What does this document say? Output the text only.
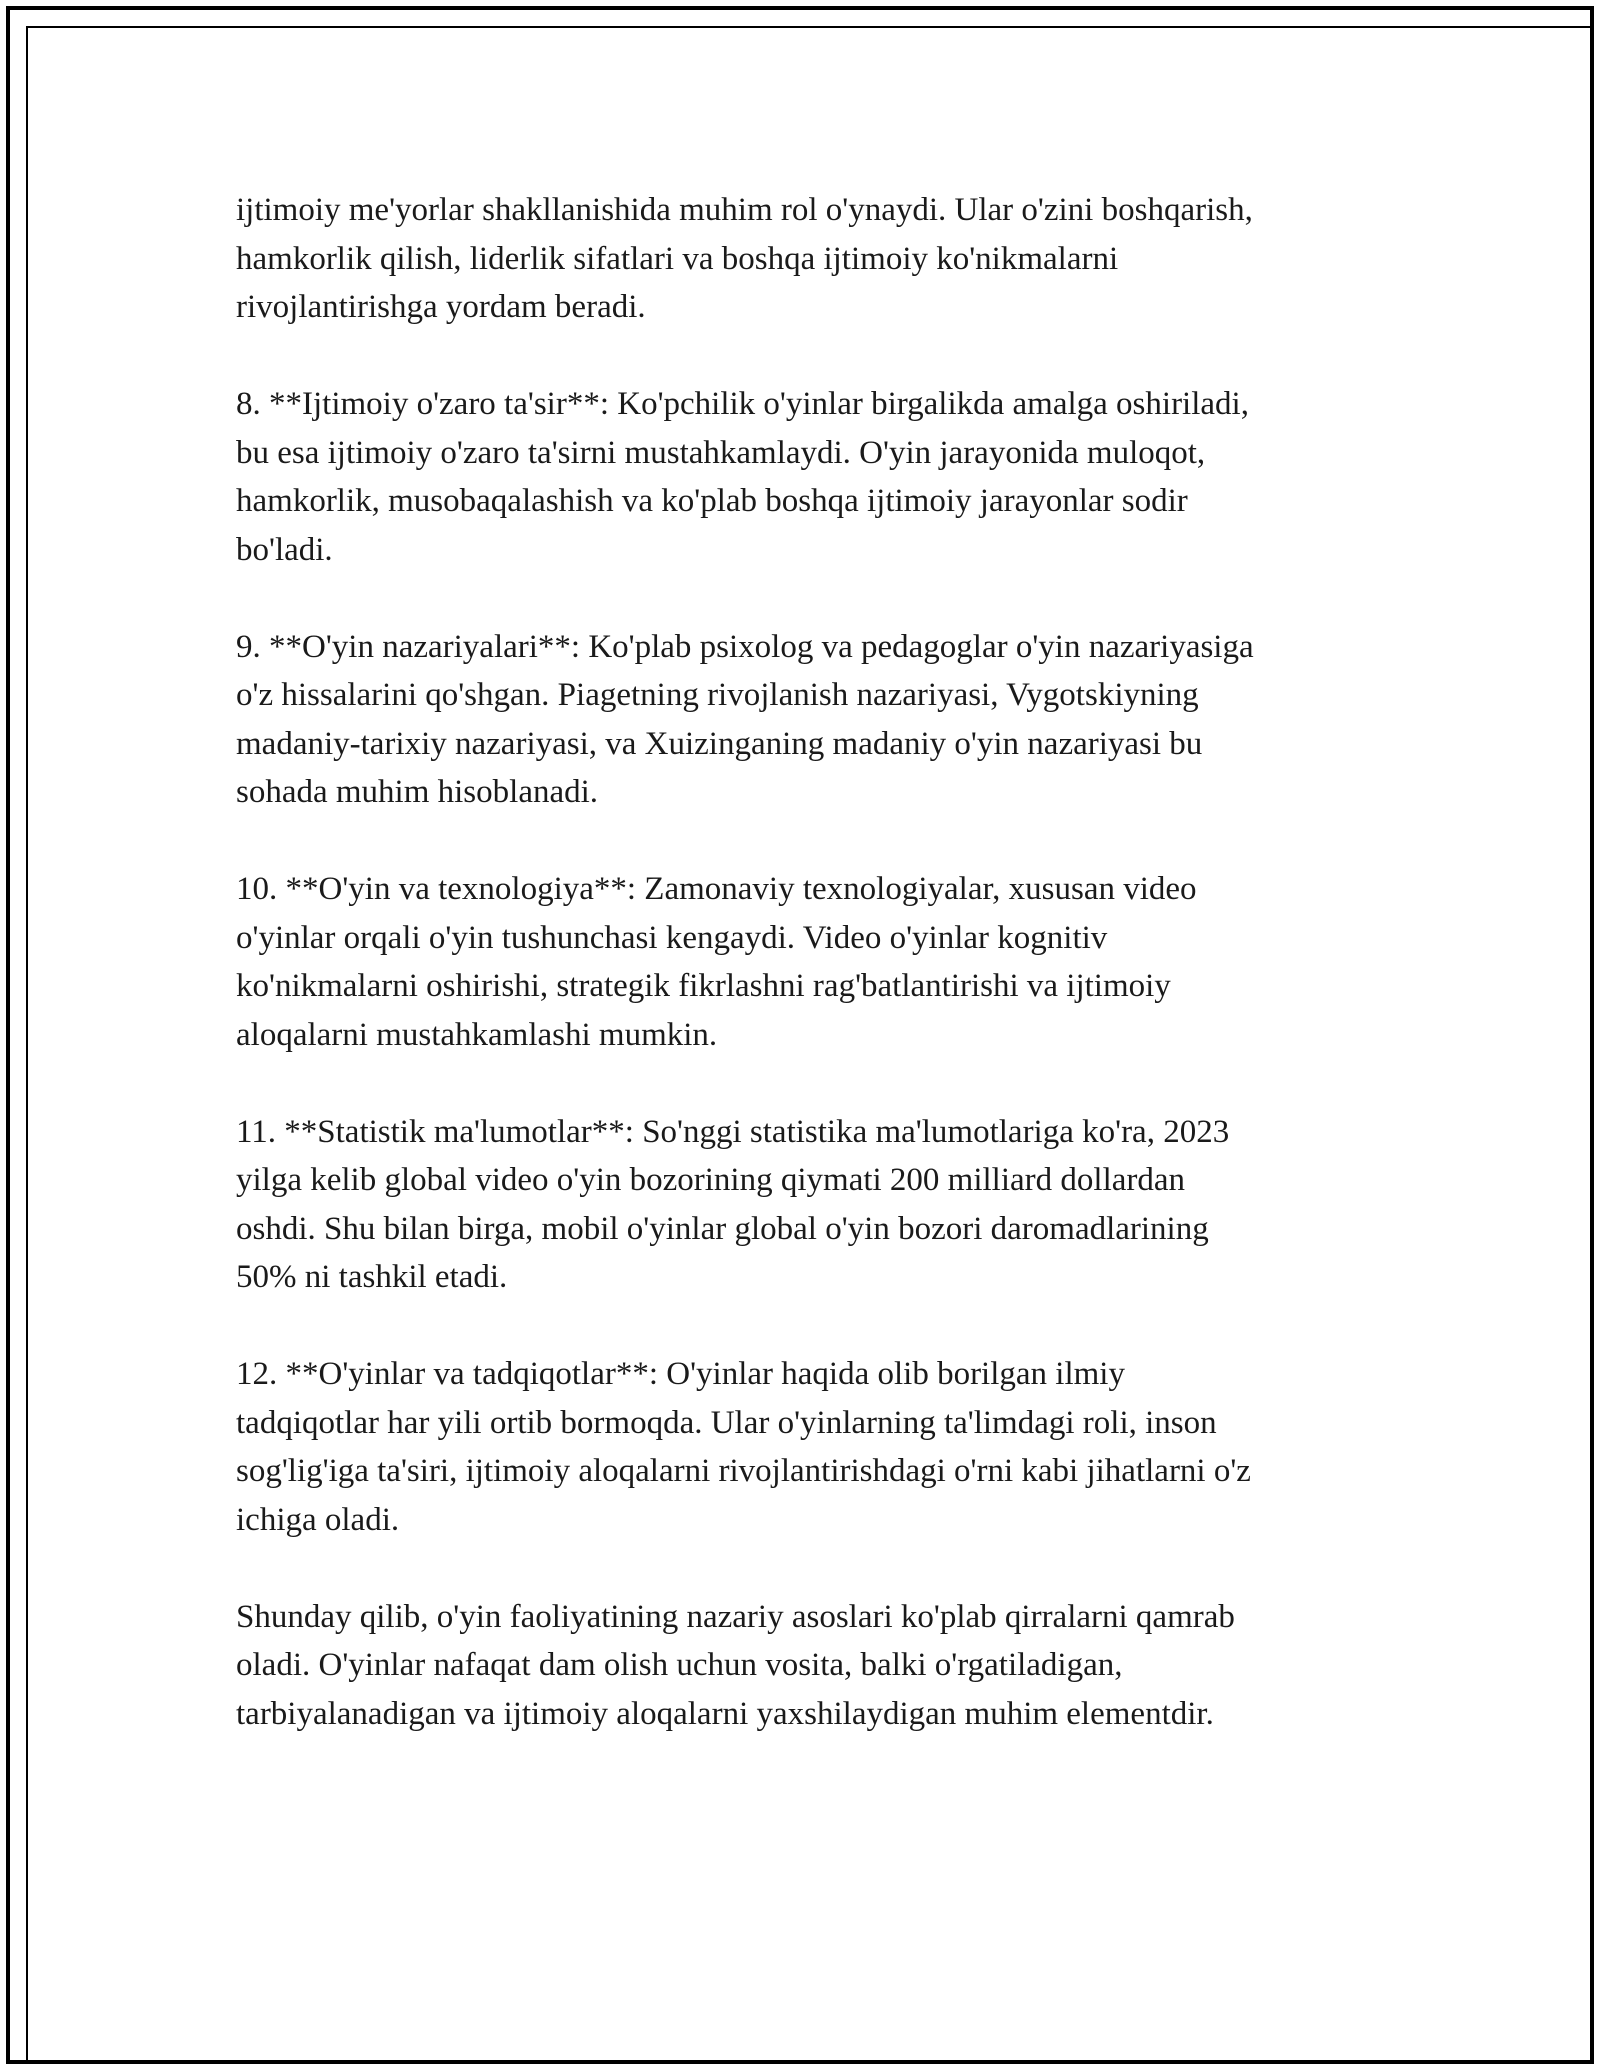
ijtimoiy me'yorlar shakllanishida muhim rol o'ynaydi. Ular o'zini boshqarish,
hamkorlik qilish, liderlik sifatlari va boshqa ijtimoiy ko'nikmalarni
rivojlantirishga yordam beradi.

8. **Ijtimoiy o'zaro ta'sir**: Ko'pchilik o'yinlar birgalikda amalga oshiriladi,
bu esa ijtimoiy o'zaro ta'sirni mustahkamlaydi. O'yin jarayonida muloqot,
hamkorlik, musobaqalashish va ko'plab boshqa ijtimoiy jarayonlar sodir
bo'ladi.

9. **O'yin nazariyalari**: Ko'plab psixolog va pedagoglar o'yin nazariyasiga
o'z hissalarini qo'shgan. Piagetning rivojlanish nazariyasi, Vygotskiyning
madaniy-tarixiy nazariyasi, va Xuizinganing madaniy o'yin nazariyasi bu
sohada muhim hisoblanadi.

10. **O'yin va texnologiya**: Zamonaviy texnologiyalar, xususan video
o'yinlar orqali o'yin tushunchasi kengaydi. Video o'yinlar kognitiv
ko'nikmalarni oshirishi, strategik fikrlashni rag'batlantirishi va ijtimoiy
aloqalarni mustahkamlashi mumkin.

11. **Statistik ma'lumotlar**: So'nggi statistika ma'lumotlariga ko'ra, 2023
yilga kelib global video o'yin bozorining qiymati 200 milliard dollardan
oshdi. Shu bilan birga, mobil o'yinlar global o'yin bozori daromadlarining
50% ni tashkil etadi.

12. **O'yinlar va tadqiqotlar**: O'yinlar haqida olib borilgan ilmiy
tadqiqotlar har yili ortib bormoqda. Ular o'yinlarning ta'limdagi roli, inson
sog'lig'iga ta'siri, ijtimoiy aloqalarni rivojlantirishdagi o'rni kabi jihatlarni o'z
ichiga oladi.

Shunday qilib, o'yin faoliyatining nazariy asoslari ko'plab qirralarni qamrab
oladi. O'yinlar nafaqat dam olish uchun vosita, balki o'rgatiladigan,
tarbiyalanadigan va ijtimoiy aloqalarni yaxshilaydigan muhim elementdir.
